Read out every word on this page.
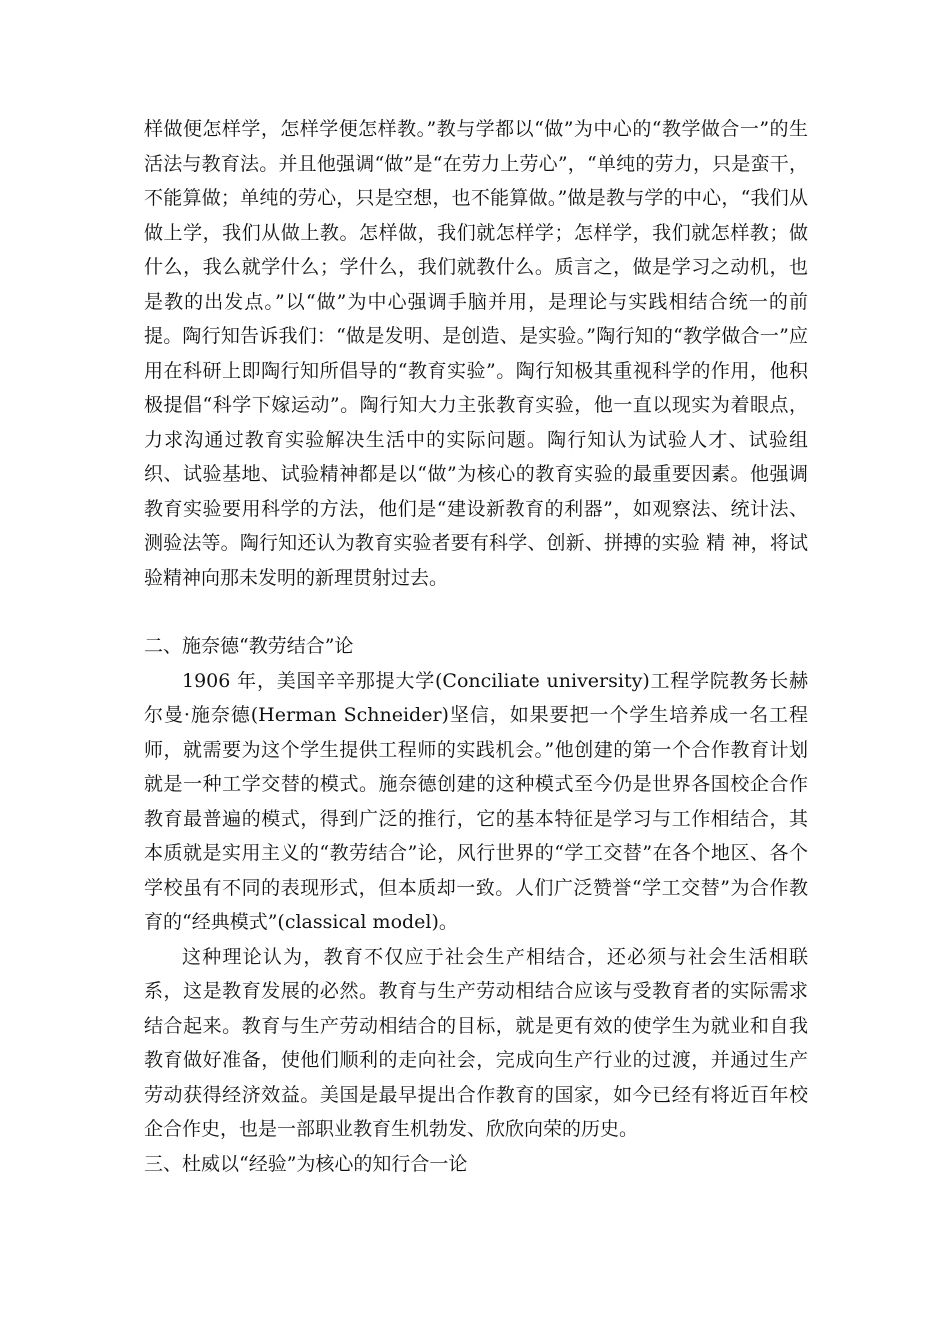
样做便怎样学，怎样学便怎样教。”教与学都以“做”为中心的“教学做合一”的生活法与教育法。并且他强调“做”是“在劳力上劳心”，“单纯的劳力，只是蛮干，不能算做；单纯的劳心，只是空想，也不能算做。”做是教与学的中心，“我们从做上学，我们从做上教。怎样做，我们就怎样学；怎样学，我们就怎样教；做什么，我么就学什么；学什么，我们就教什么。质言之，做是学习之动机，也是教的出发点。”以“做”为中心强调手脑并用，是理论与实践相结合统一的前提。陶行知告诉我们：“做是发明、是创造、是实验。”陶行知的“教学做合一”应用在科研上即陶行知所倡导的“教育实验”。陶行知极其重视科学的作用，他积极提倡“科学下嫁运动”。陶行知大力主张教育实验，他一直以现实为着眼点，力求沟通过教育实验解决生活中的实际问题。陶行知认为试验人才、试验组织、试验基地、试验精神都是以“做”为核心的教育实验的最重要因素。他强调教育实验要用科学的方法，他们是“建设新教育的利器”，如观察法、统计法、测验法等。陶行知还认为教育实验者要有科学、创新、拼搏的实验 精 神，将试验精神向那未发明的新理贯射过去。

二、施奈德“教劳结合”论

1906 年，美国辛辛那提大学(Conciliate university)工程学院教务长赫尔曼·施奈德(Herman Schneider)坚信，如果要把一个学生培养成一名工程师，就需要为这个学生提供工程师的实践机会。”他创建的第一个合作教育计划就是一种工学交替的模式。施奈德创建的这种模式至今仍是世界各国校企合作教育最普遍的模式，得到广泛的推行，它的基本特征是学习与工作相结合，其本质就是实用主义的“教劳结合”论，风行世界的“学工交替”在各个地区、各个学校虽有不同的表现形式，但本质却一致。人们广泛赞誉“学工交替”为合作教育的“经典模式”(classical model)。

这种理论认为，教育不仅应于社会生产相结合，还必须与社会生活相联系，这是教育发展的必然。教育与生产劳动相结合应该与受教育者的实际需求结合起来。教育与生产劳动相结合的目标，就是更有效的使学生为就业和自我教育做好准备，使他们顺利的走向社会，完成向生产行业的过渡，并通过生产劳动获得经济效益。美国是最早提出合作教育的国家，如今已经有将近百年校企合作史，也是一部职业教育生机勃发、欣欣向荣的历史。

三、杜威以“经验”为核心的知行合一论
